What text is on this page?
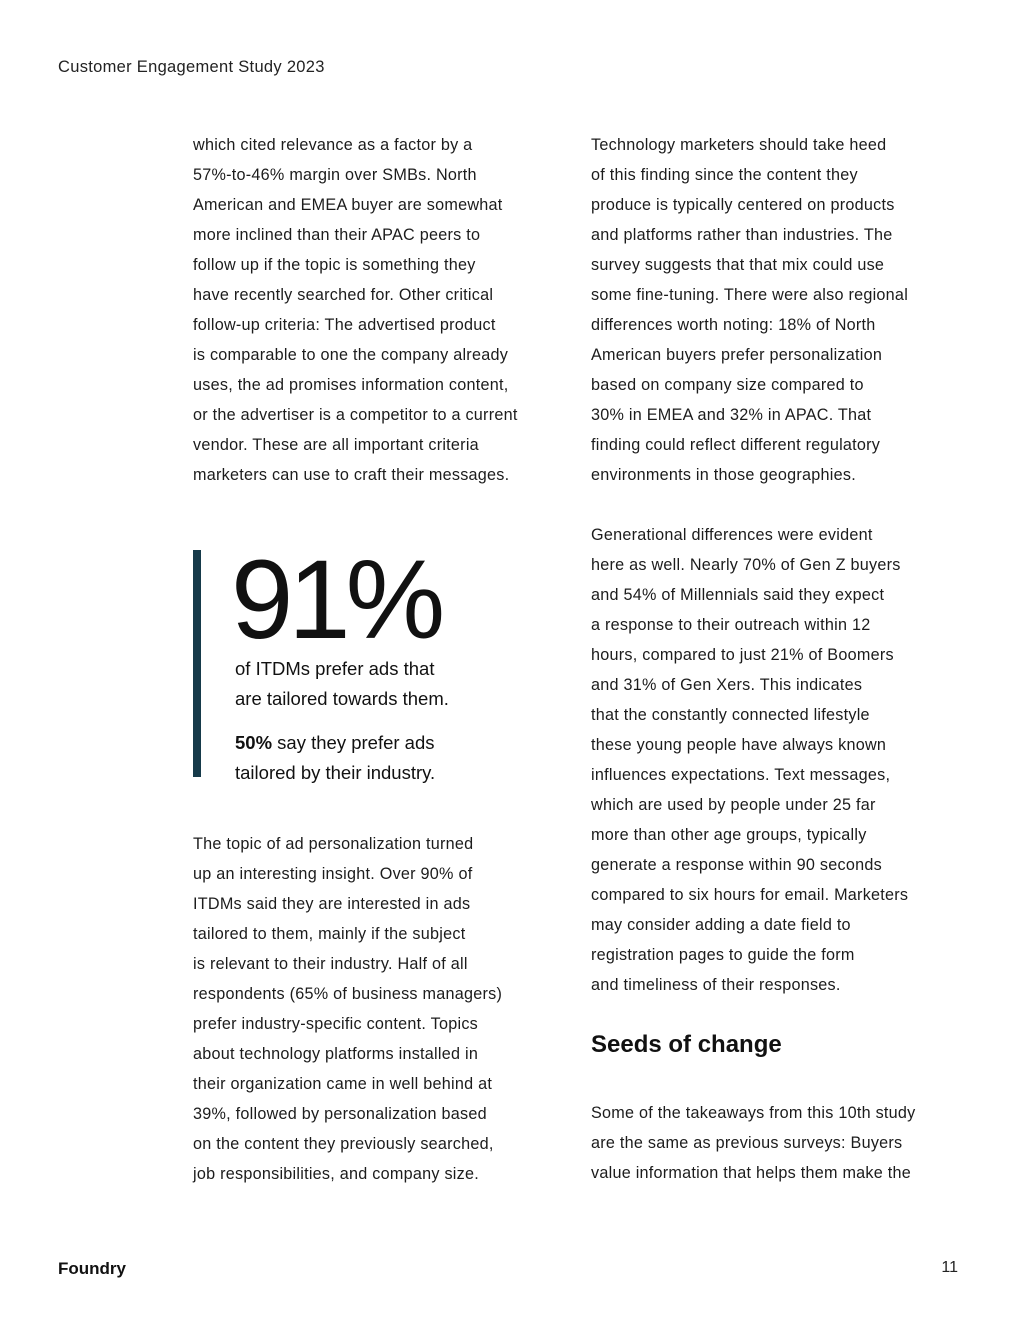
Customer Engagement Study 2023

which cited relevance as a factor by a

57%-to-46% margin over SMBs. North

American and EMEA buyer are somewhat

more inclined than their APAC peers to

follow up if the topic is something they

have recently searched for. Other critical

follow-up criteria: The advertised product

is comparable to one the company already

uses, the ad promises information content,

or the advertiser is a competitor to a current

vendor. These are all important criteria

marketers can use to craft their messages.

91%
of ITDMs prefer ads that
are tailored towards them.
50% say they prefer ads
tailored by their industry.

The topic of ad personalization turned

up an interesting insight. Over 90% of

ITDMs said they are interested in ads

tailored to them, mainly if the subject

is relevant to their industry. Half of all

respondents (65% of business managers)

prefer industry-specific content. Topics

about technology platforms installed in

their organization came in well behind at

39%, followed by personalization based

on the content they previously searched,

job responsibilities, and company size.

Technology marketers should take heed

of this finding since the content they

produce is typically centered on products

and platforms rather than industries. The

survey suggests that that mix could use

some fine-tuning. There were also regional

differences worth noting: 18% of North

American buyers prefer personalization

based on company size compared to

30% in EMEA and 32% in APAC. That

finding could reflect different regulatory

environments in those geographies.

Generational differences were evident

here as well. Nearly 70% of Gen Z buyers

and 54% of Millennials said they expect

a response to their outreach within 12

hours, compared to just 21% of Boomers

and 31% of Gen Xers. This indicates

that the constantly connected lifestyle

these young people have always known

influences expectations. Text messages,

which are used by people under 25 far

more than other age groups, typically

generate a response within 90 seconds

compared to six hours for email. Marketers

may consider adding a date field to

registration pages to guide the form

and timeliness of their responses.

Seeds of change

Some of the takeaways from this 10th study

are the same as previous surveys: Buyers

value information that helps them make the

Foundry	11
